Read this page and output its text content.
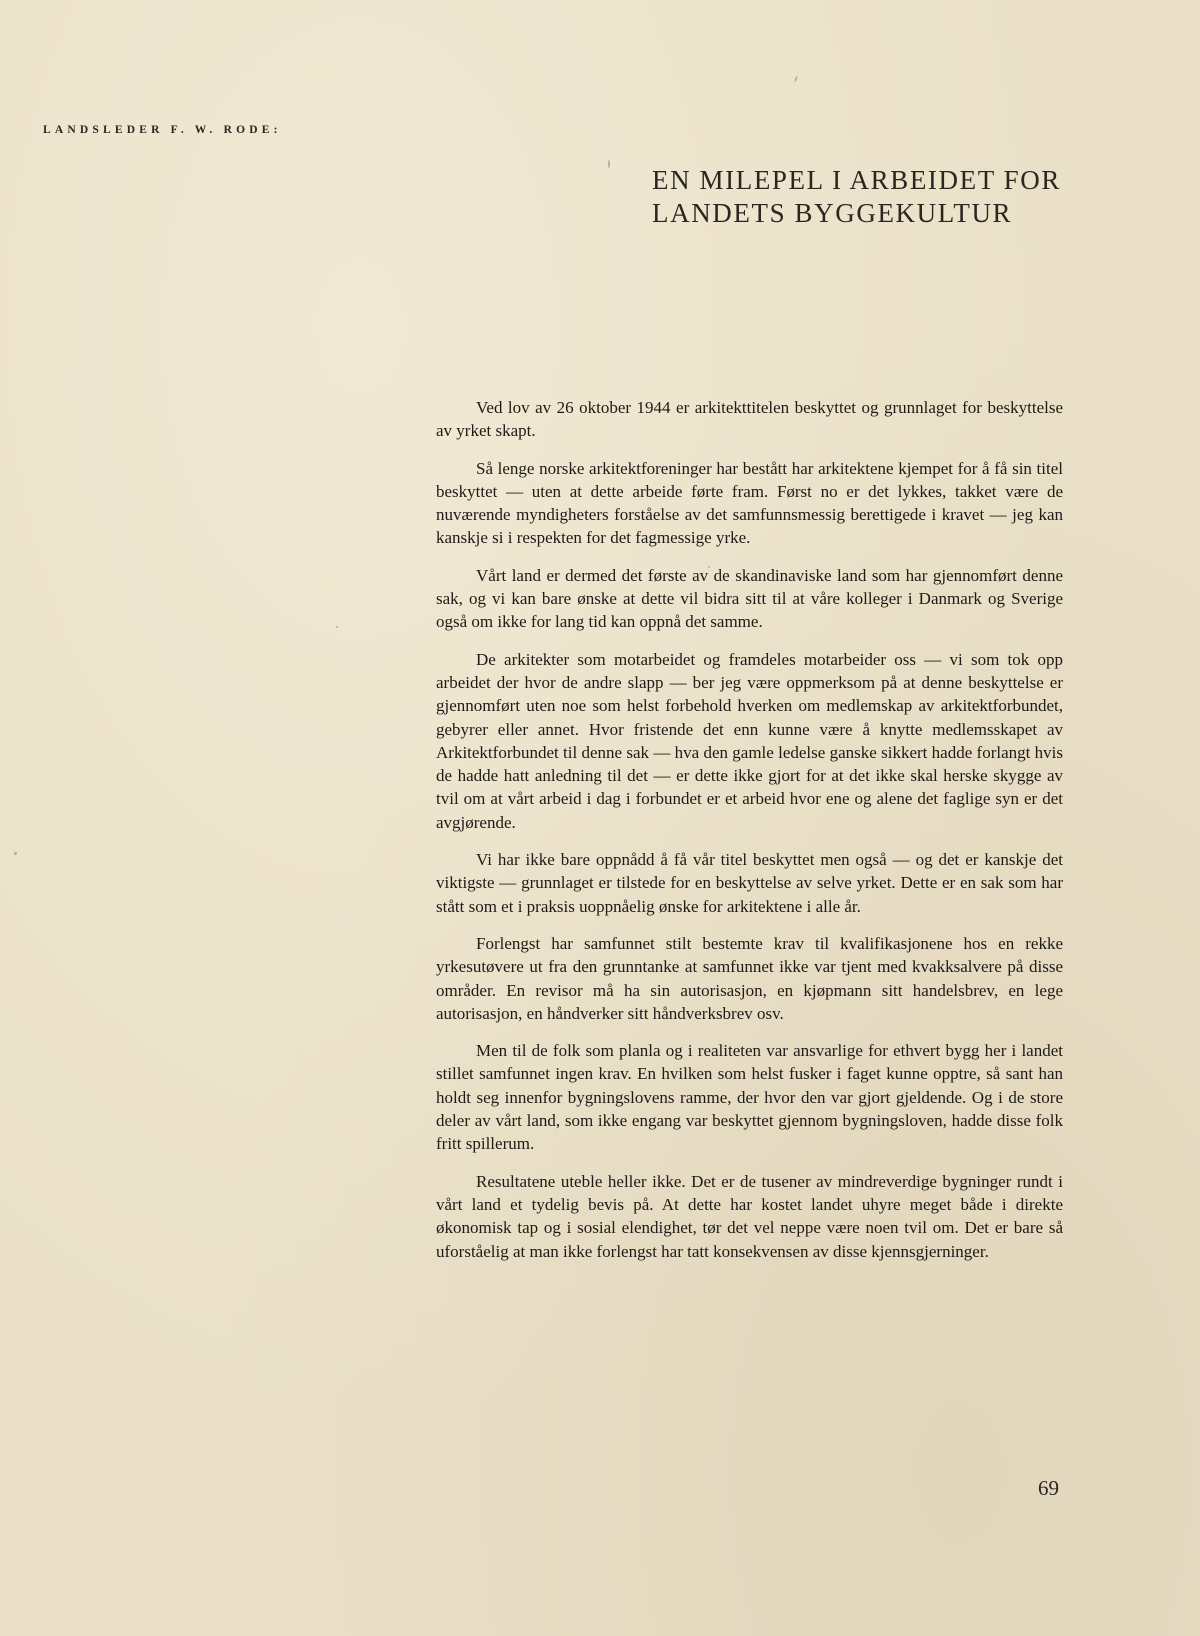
LANDSLEDER F. W. RODE:
EN MILEPEL I ARBEIDET FOR
LANDETS BYGGEKULTUR

Ved lov av 26 oktober 1944 er arkitekttitelen beskyttet og grunnlaget for beskyttelse av yrket skapt.

Så lenge norske arkitektforeninger har bestått har arkitektene kjempet for å få sin titel beskyttet — uten at dette arbeide førte fram. Først no er det lykkes, takket være de nuværende myndigheters forståelse av det samfunnsmessig berettigede i kravet — jeg kan kanskje si i respekten for det fagmessige yrke.

Vårt land er dermed det første av de skandinaviske land som har gjennomført denne sak, og vi kan bare ønske at dette vil bidra sitt til at våre kolleger i Danmark og Sverige også om ikke for lang tid kan oppnå det samme.

De arkitekter som motarbeidet og framdeles motarbeider oss — vi som tok opp arbeidet der hvor de andre slapp — ber jeg være oppmerksom på at denne beskyttelse er gjennomført uten noe som helst forbehold hverken om medlemskap av arkitektforbundet, gebyrer eller annet. Hvor fristende det enn kunne være å knytte medlemsskapet av Arkitektforbundet til denne sak — hva den gamle ledelse ganske sikkert hadde forlangt hvis de hadde hatt anledning til det — er dette ikke gjort for at det ikke skal herske skygge av tvil om at vårt arbeid i dag i forbundet er et arbeid hvor ene og alene det faglige syn er det avgjørende.

Vi har ikke bare oppnådd å få vår titel beskyttet men også — og det er kanskje det viktigste — grunnlaget er tilstede for en beskyttelse av selve yrket. Dette er en sak som har stått som et i praksis uoppnåelig ønske for arkitektene i alle år.

Forlengst har samfunnet stilt bestemte krav til kvalifikasjonene hos en rekke yrkesutøvere ut fra den grunntanke at samfunnet ikke var tjent med kvakksalvere på disse områder. En revisor må ha sin autorisasjon, en kjøpmann sitt handelsbrev, en lege autorisasjon, en håndverker sitt håndverksbrev osv.

Men til de folk som planla og i realiteten var ansvarlige for ethvert bygg her i landet stillet samfunnet ingen krav. En hvilken som helst fusker i faget kunne opptre, så sant han holdt seg innenfor bygningslovens ramme, der hvor den var gjort gjeldende. Og i de store deler av vårt land, som ikke engang var beskyttet gjennom bygningsloven, hadde disse folk fritt spillerum.

Resultatene uteble heller ikke. Det er de tusener av mindreverdige bygninger rundt i vårt land et tydelig bevis på. At dette har kostet landet uhyre meget både i direkte økonomisk tap og i sosial elendighet, tør det vel neppe være noen tvil om. Det er bare så uforståelig at man ikke forlengst har tatt konsekvensen av disse kjennsgjerninger.

69
